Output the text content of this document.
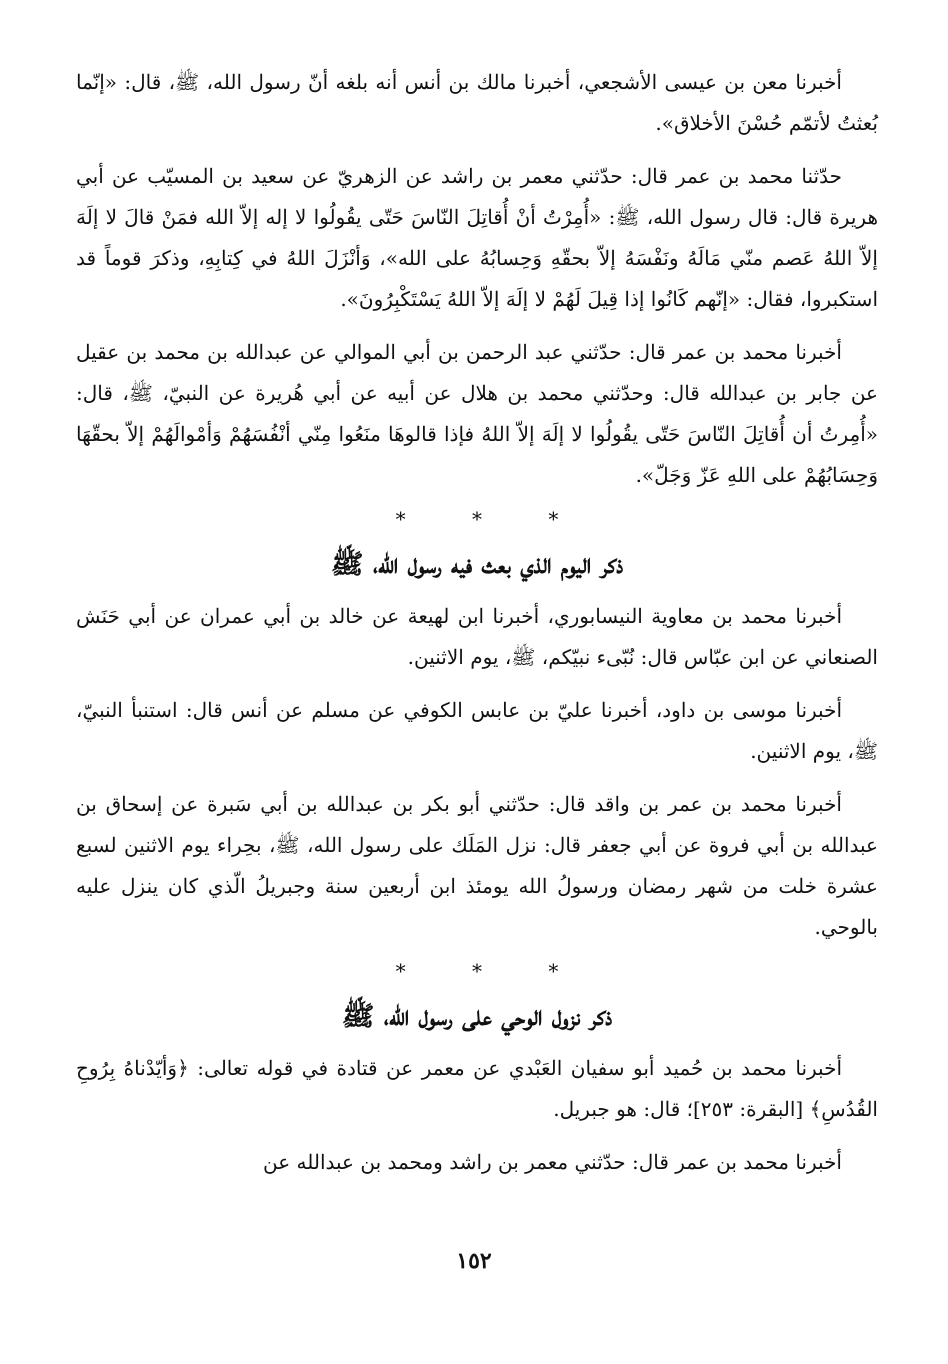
أخبرنا معن بن عيسى الأشجعي، أخبرنا مالك بن أنس أنه بلغه أنّ رسول الله، ﷺ، قال: «إنّما بُعثتُ لأتمّم حُسْنَ الأخلاق».

حدّثنا محمد بن عمر قال: حدّثني معمر بن راشد عن الزهريّ عن سعيد بن المسيّب عن أبي هريرة قال: قال رسول الله، ﷺ: «أُمِرْتُ أنْ أُقاتِلَ النّاسَ حَتّى يقُولُوا لا إله إلاّ الله فمَنْ قالَ لا إلَهَ إلاّ اللهُ عَصم منّي مَالَهُ ونَفْسَهُ إلاّ بحقّهِ وَحِسابُهُ على الله»، وَأنْزَلَ اللهُ في كِتابِهِ، وذكرَ قوماً قد استكبروا، فقال: «إنّهم كَانُوا إذا قِيلَ لَهُمْ لا إلَهَ إلاّ اللهُ يَسْتَكْبِرُونَ».

أخبرنا محمد بن عمر قال: حدّثني عبد الرحمن بن أبي الموالي عن عبدالله بن محمد بن عقيل عن جابر بن عبدالله قال: وحدّثني محمد بن هلال عن أبيه عن أبي هُريرة عن النبيّ، ﷺ، قال: «أُمِرتُ أن أُقاتِلَ النّاسَ حَتّى يقُولُوا لا إلَهَ إلاّ اللهُ فإذا قالوهَا منَعُوا مِنّي أنْفُسَهُمْ وَأمْوالَهُمْ إلاّ بحقّهَا وَحِسَابُهُمْ على اللهِ عَزّ وَجَلّ».

*	*	*
ذكر اليوم الذي بعث فيه رسول الله، ﷺ

أخبرنا محمد بن معاوية النيسابوري، أخبرنا ابن لهيعة عن خالد بن أبي عمران عن أبي حَنَش الصنعاني عن ابن عبّاس قال: نُبّىء نبيّكم، ﷺ، يوم الاثنين.

أخبرنا موسى بن داود، أخبرنا عليّ بن عابس الكوفي عن مسلم عن أنس قال: استنبأ النبيّ، ﷺ، يوم الاثنين.

أخبرنا محمد بن عمر بن واقد قال: حدّثني أبو بكر بن عبدالله بن أبي سَبرة عن إسحاق بن عبدالله بن أبي فروة عن أبي جعفر قال: نزل المَلَك على رسول الله، ﷺ، بحِراء يوم الاثنين لسبع عشرة خلت من شهر رمضان ورسولُ الله يومئذ ابن أربعين سنة وجبريلُ الّذي كان ينزل عليه بالوحي.

*	*	*
ذكر نزول الوحي على رسول الله، ﷺ

أخبرنا محمد بن حُميد أبو سفيان العَبْدي عن معمر عن قتادة في قوله تعالى: ﴿وَأيّدْناهُ بِرُوحِ القُدُسِ﴾ [البقرة: ٢٥٣]؛ قال: هو جبريل.

أخبرنا محمد بن عمر قال: حدّثني معمر بن راشد ومحمد بن عبدالله عن

١٥٢
